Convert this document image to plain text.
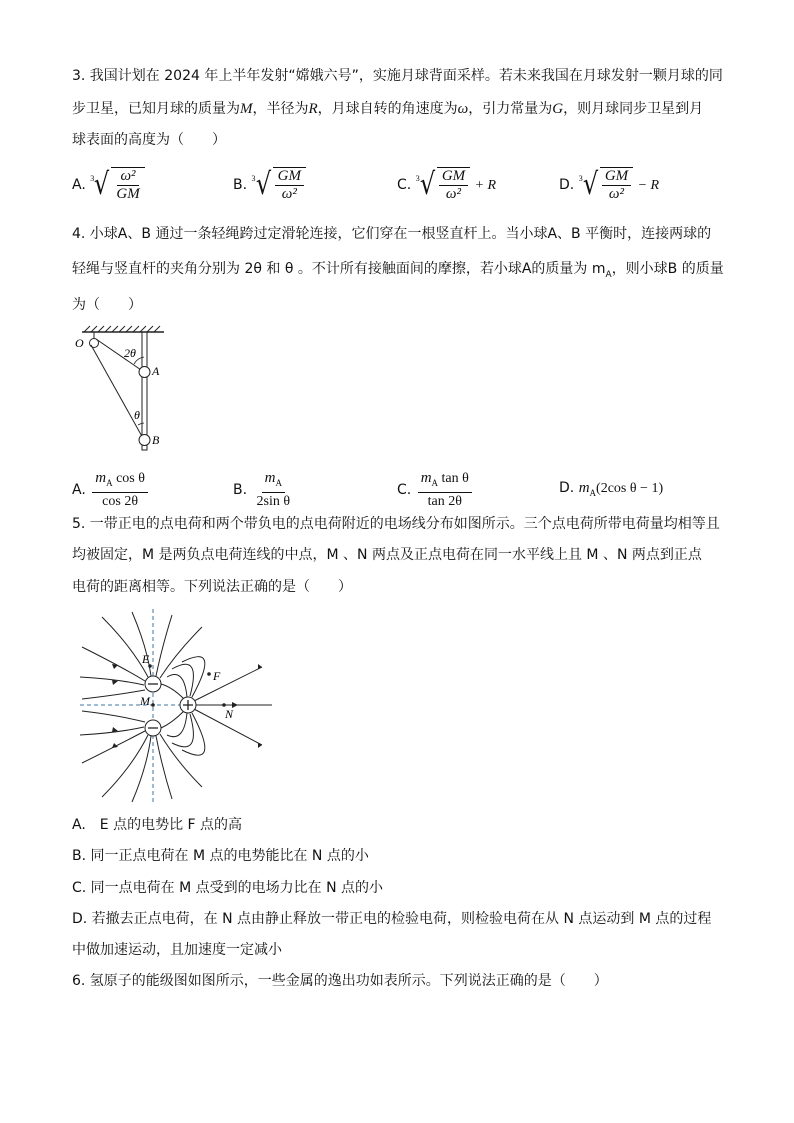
3. 我国计划在 2024 年上半年发射“嫦娥六号”，实施月球背面采样。若未来我国在月球发射一颗月球的同
步卫星，已知月球的质量为M，半径为R，月球自转的角速度为ω，引力常量为G，则月球同步卫星到月
球表面的高度为（　　）
A. 3 √ $\frac{\text{ω²}}{GM}$	B. 3 √ $\frac{GM}{\text{ω²}}$	C. 3 √ $\frac{GM}{\text{ω²}} + R$	D. 3 √ $\frac{GM}{\text{ω²}} - R$
4. 小球A、B 通过一条轻绳跨过定滑轮连接，它们穿在一根竖直杆上。当小球A、B 平衡时，连接两球的
轻绳与竖直杆的夹角分别为 2θ 和 θ 。不计所有接触面间的摩擦，若小球A的质量为 $m_A$，则小球B 的质量
为（　　）
O
2θ
A
θ
B
A. $\frac{m_A \cos \theta}{\cos 2\theta}$	B. $\frac{m_A}{\text{2sin θ}}$	C. $\frac{m_A \tan \theta}{\tan 2\theta}$	D. $m_A(2\cos$ θ − 1)
5. 一带正电的点电荷和两个带负电的点电荷附近的电场线分布如图所示。三个点电荷所带电荷量均相等且
均被固定，M 是两负点电荷连线的中点，M 、N 两点及正点电荷在同一水平线上且 M 、N 两点到正点
电荷的距离相等。下列说法正确的是（　　）
E
F
M
N
A.　E 点的电势比 F 点的高
B. 同一正点电荷在 M 点的电势能比在 N 点的小
C. 同一点电荷在 M 点受到的电场力比在 N 点的小
D. 若撤去正点电荷，在 N 点由静止释放一带正电的检验电荷，则检验电荷在从 N 点运动到 M 点的过程
中做加速运动，且加速度一定减小
6. 氢原子的能级图如图所示，一些金属的逸出功如表所示。下列说法正确的是（　　）
